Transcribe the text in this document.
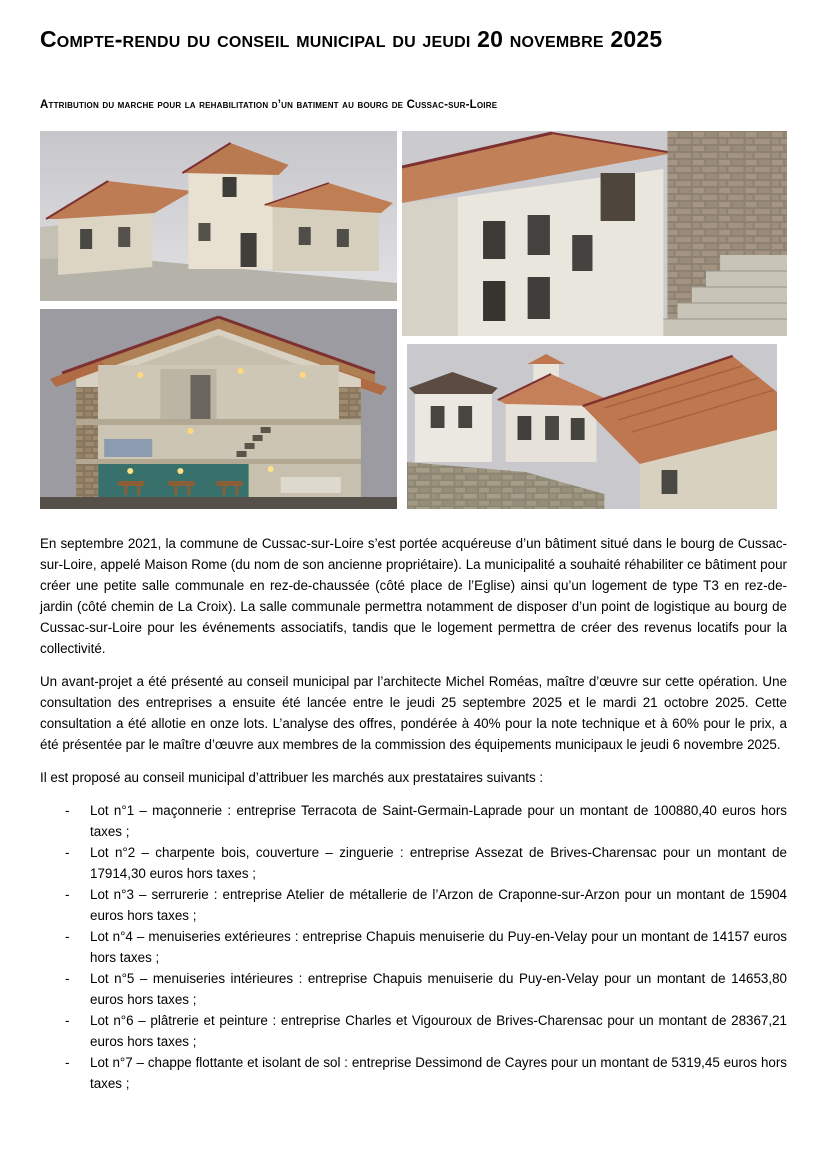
Compte-rendu du conseil municipal du jeudi 20 novembre 2025
Attribution du marche pour la rehabilitation d’un batiment au bourg de Cussac-sur-Loire

En septembre 2021, la commune de Cussac-sur-Loire s’est portée acquéreuse d’un bâtiment situé dans le bourg de Cussac-sur-Loire, appelé Maison Rome (du nom de son ancienne propriétaire). La municipalité a souhaité réhabiliter ce bâtiment pour créer une petite salle communale en rez-de-chaussée (côté place de l’Eglise) ainsi qu’un logement de type T3 en rez-de-jardin (côté chemin de La Croix). La salle communale permettra notamment de disposer d’un point de logistique au bourg de Cussac-sur-Loire pour les événements associatifs, tandis que le logement permettra de créer des revenus locatifs pour la collectivité.

Un avant-projet a été présenté au conseil municipal par l’architecte Michel Roméas, maître d’œuvre sur cette opération. Une consultation des entreprises a ensuite été lancée entre le jeudi 25 septembre 2025 et le mardi 21 octobre 2025. Cette consultation a été allotie en onze lots. L’analyse des offres, pondérée à 40% pour la note technique et à 60% pour le prix, a été présentée par le maître d’œuvre aux membres de la commission des équipements municipaux le jeudi 6 novembre 2025.

Il est proposé au conseil municipal d’attribuer les marchés aux prestataires suivants :

- Lot n°1 – maçonnerie : entreprise Terracota de Saint-Germain-Laprade pour un montant de 100880,40 euros hors taxes ;
- Lot n°2 – charpente bois, couverture – zinguerie : entreprise Assezat de Brives-Charensac pour un montant de 17914,30 euros hors taxes ;
- Lot n°3 – serrurerie : entreprise Atelier de métallerie de l’Arzon de Craponne-sur-Arzon pour un montant de 15904 euros hors taxes ;
- Lot n°4 – menuiseries extérieures : entreprise Chapuis menuiserie du Puy-en-Velay pour un montant de 14157 euros hors taxes ;
- Lot n°5 – menuiseries intérieures : entreprise Chapuis menuiserie du Puy-en-Velay pour un montant de 14653,80 euros hors taxes ;
- Lot n°6 – plâtrerie et peinture : entreprise Charles et Vigouroux de Brives-Charensac pour un montant de 28367,21 euros hors taxes ;
- Lot n°7 – chappe flottante et isolant de sol : entreprise Dessimond de Cayres pour un montant de 5319,45 euros hors taxes ;
